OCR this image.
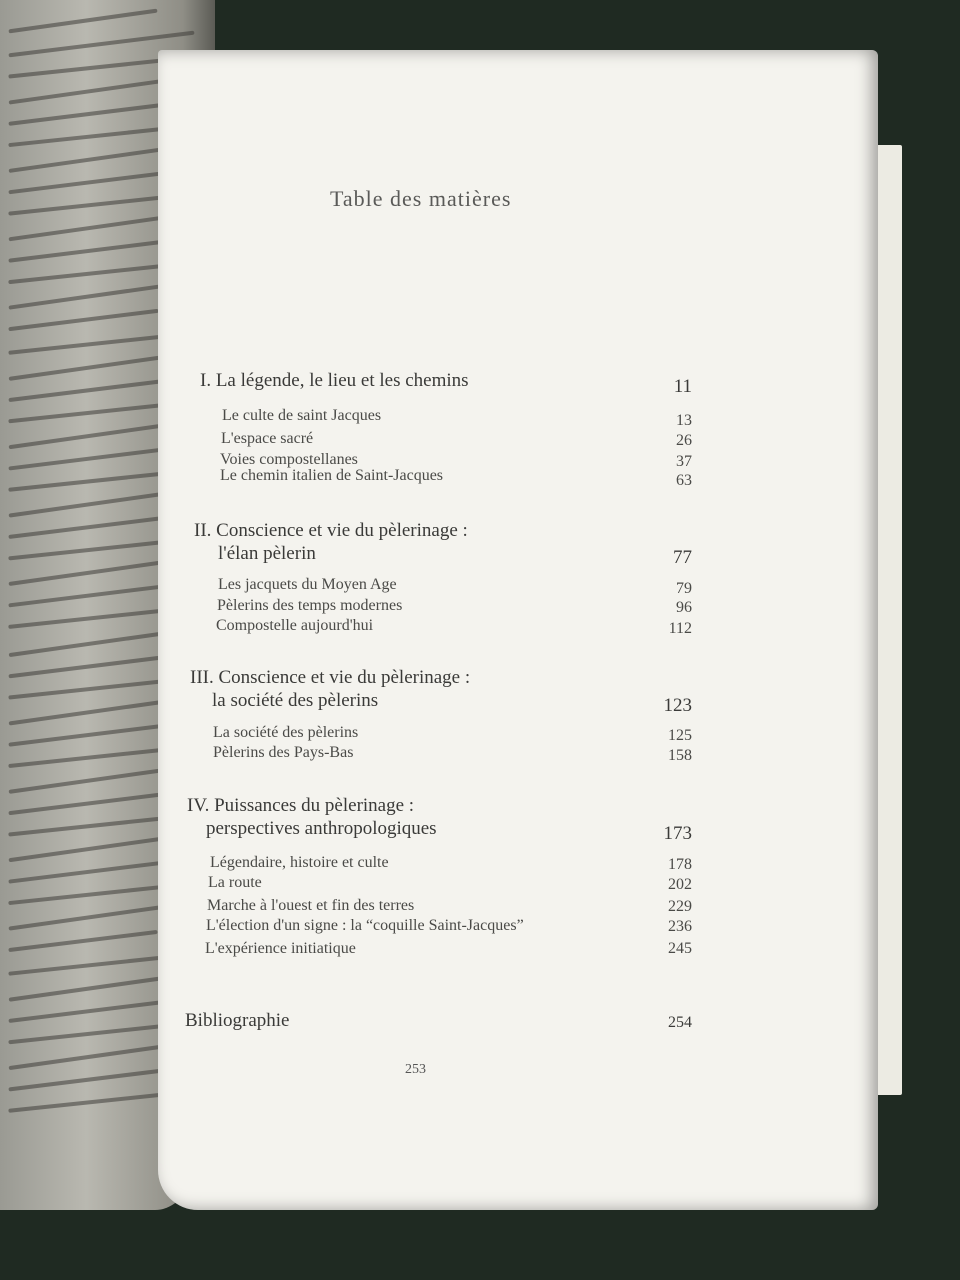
Table des matières
I. La légende, le lieu et les chemins	11
Le culte de saint Jacques	13
L'espace sacré	26
Voies compostellanes	37
Le chemin italien de Saint-Jacques	63
II. Conscience et vie du pèlerinage :
l'élan pèlerin	77
Les jacquets du Moyen Age	79
Pèlerins des temps modernes	96
Compostelle aujourd'hui	112
III. Conscience et vie du pèlerinage :
la société des pèlerins	123
La société des pèlerins	125
Pèlerins des Pays-Bas	158
IV. Puissances du pèlerinage :
perspectives anthropologiques	173
Légendaire, histoire et culte	178
La route	202
Marche à l'ouest et fin des terres	229
L'élection d'un signe : la “coquille Saint-Jacques”	236
L'expérience initiatique	245
Bibliographie	254
253
